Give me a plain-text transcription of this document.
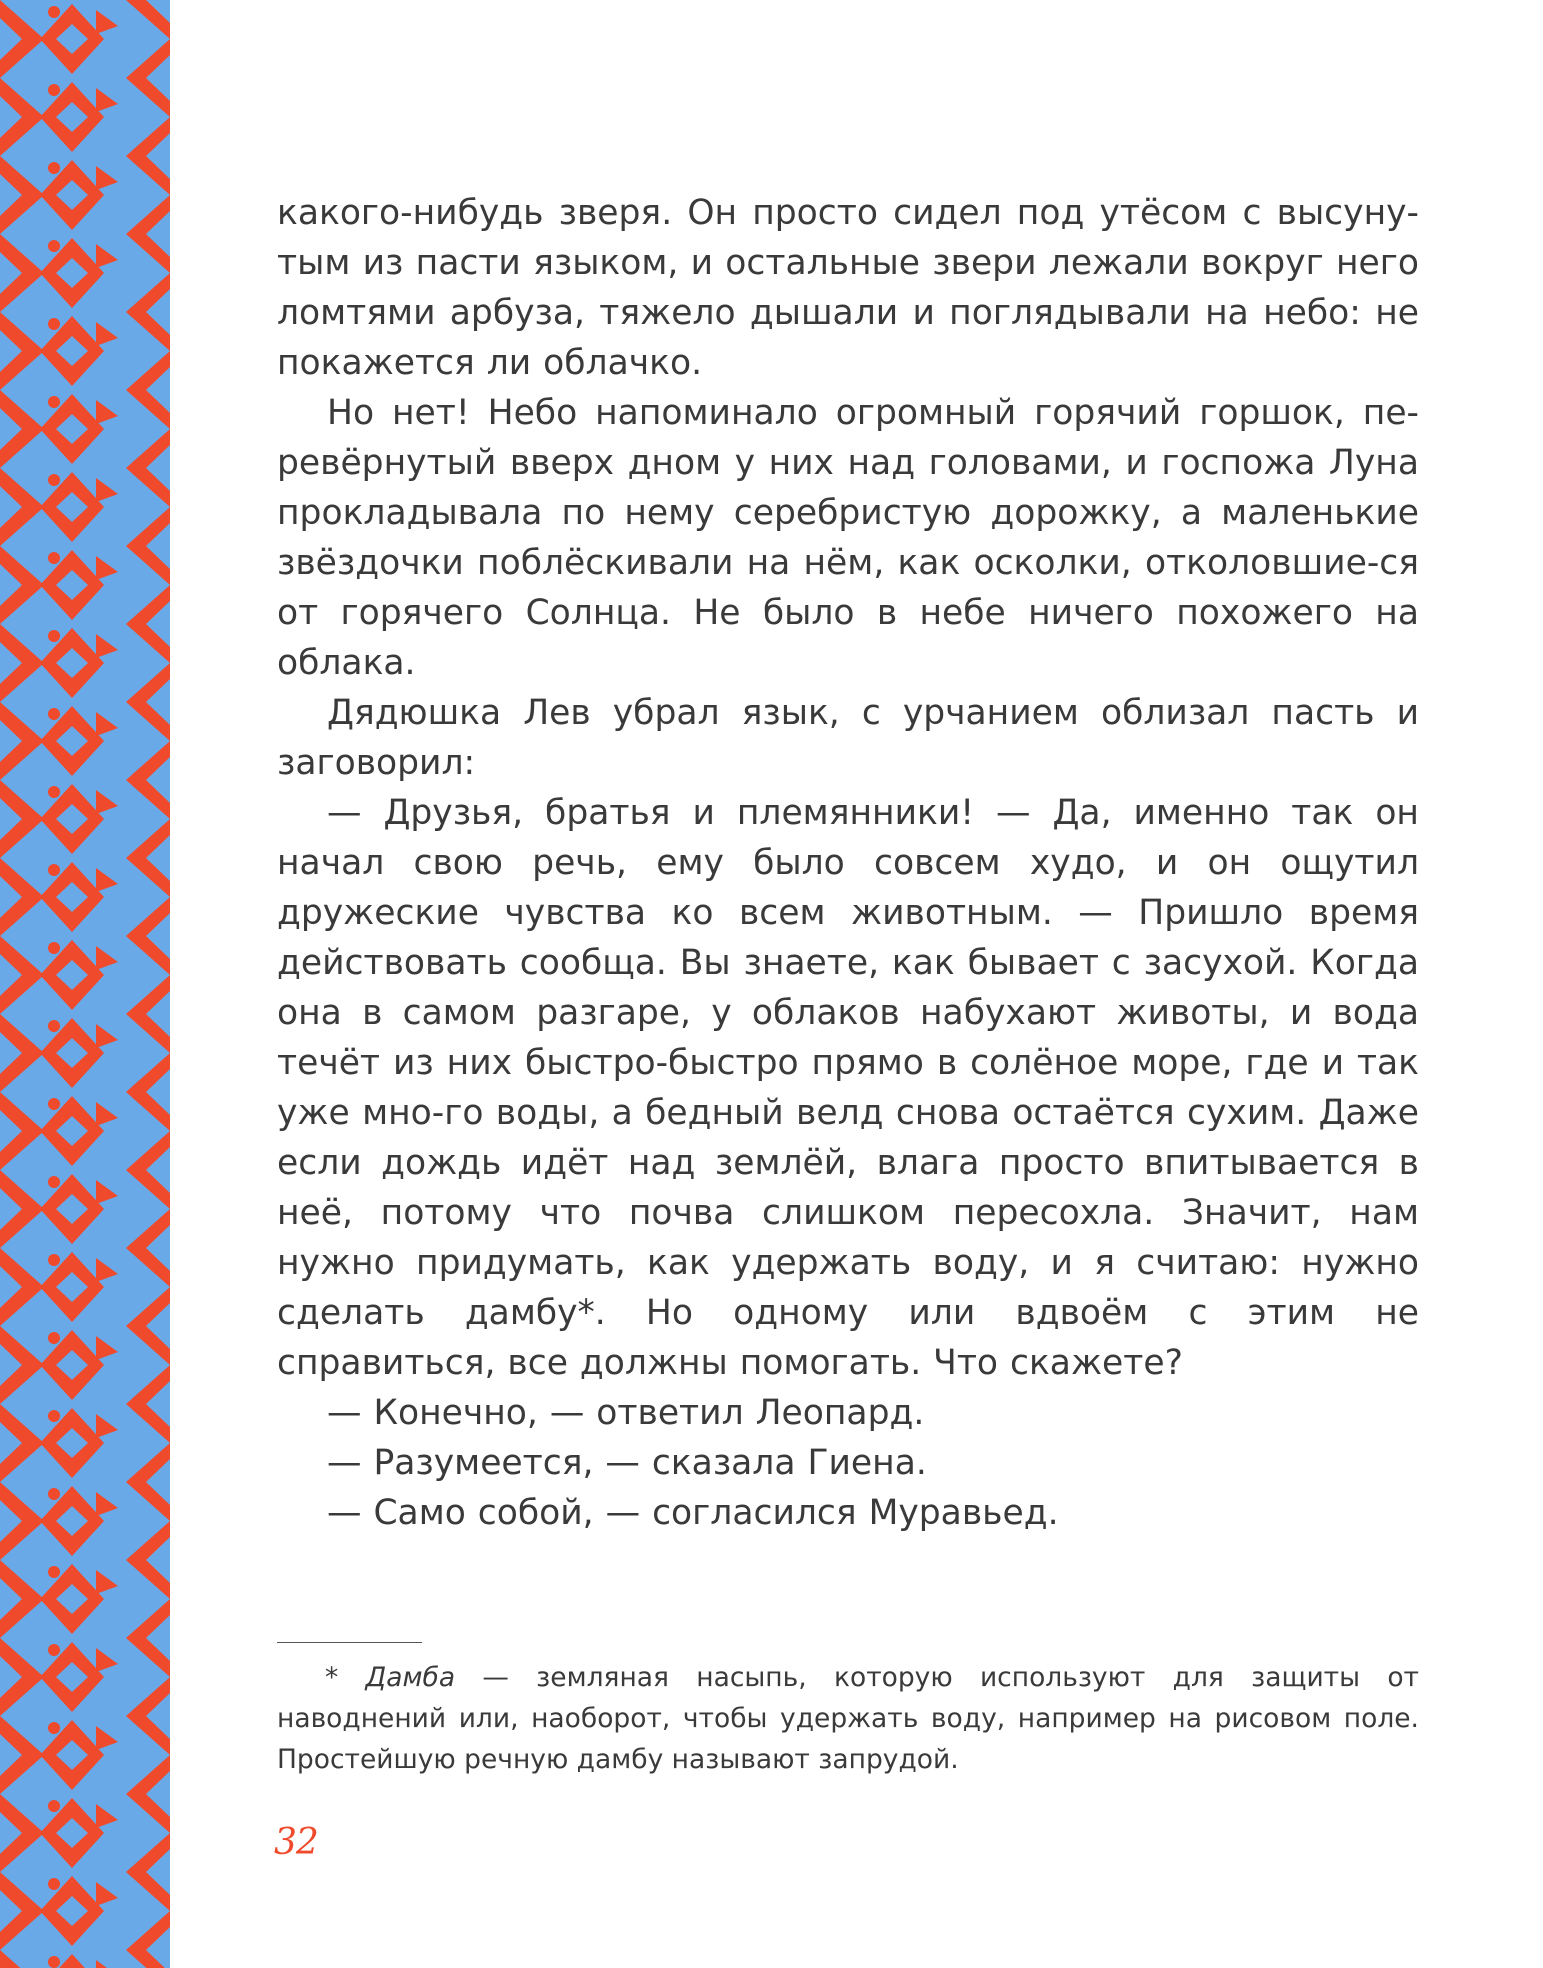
какого-нибудь зверя. Он просто сидел под утёсом с высуну-тым из пасти языком, и остальные звери лежали вокруг него ломтями арбуза, тяжело дышали и поглядывали на небо: не покажется ли облачко.

Но нет! Небо напоминало огромный горячий горшок, пе-ревёрнутый вверх дном у них над головами, и госпожа Луна прокладывала по нему серебристую дорожку, а маленькие звёздочки поблёскивали на нём, как осколки, отколовшие-ся от горячего Солнца. Не было в небе ничего похожего на облака.

Дядюшка Лев убрал язык, с урчанием облизал пасть и заговорил:

— Друзья, братья и племянники! — Да, именно так он начал свою речь, ему было совсем худо, и он ощутил дружеские чувства ко всем животным. — Пришло время действовать сообща. Вы знаете, как бывает с засухой. Когда она в самом разгаре, у облаков набухают животы, и вода течёт из них быстро-быстро прямо в солёное море, где и так уже мно-го воды, а бедный велд снова остаётся сухим. Даже если дождь идёт над землёй, влага просто впитывается в неё, потому что почва слишком пересохла. Значит, нам нужно придумать, как удержать воду, и я считаю: нужно сделать дамбу*. Но одному или вдвоём с этим не справиться, все должны помогать. Что скажете?

— Конечно, — ответил Леопард.

— Разумеется, — сказала Гиена.

— Само собой, — согласился Муравьед.

* Дамба — земляная насыпь, которую используют для защиты от наводнений или, наоборот, чтобы удержать воду, например на рисовом поле. Простейшую речную дамбу называют запрудой.

32
